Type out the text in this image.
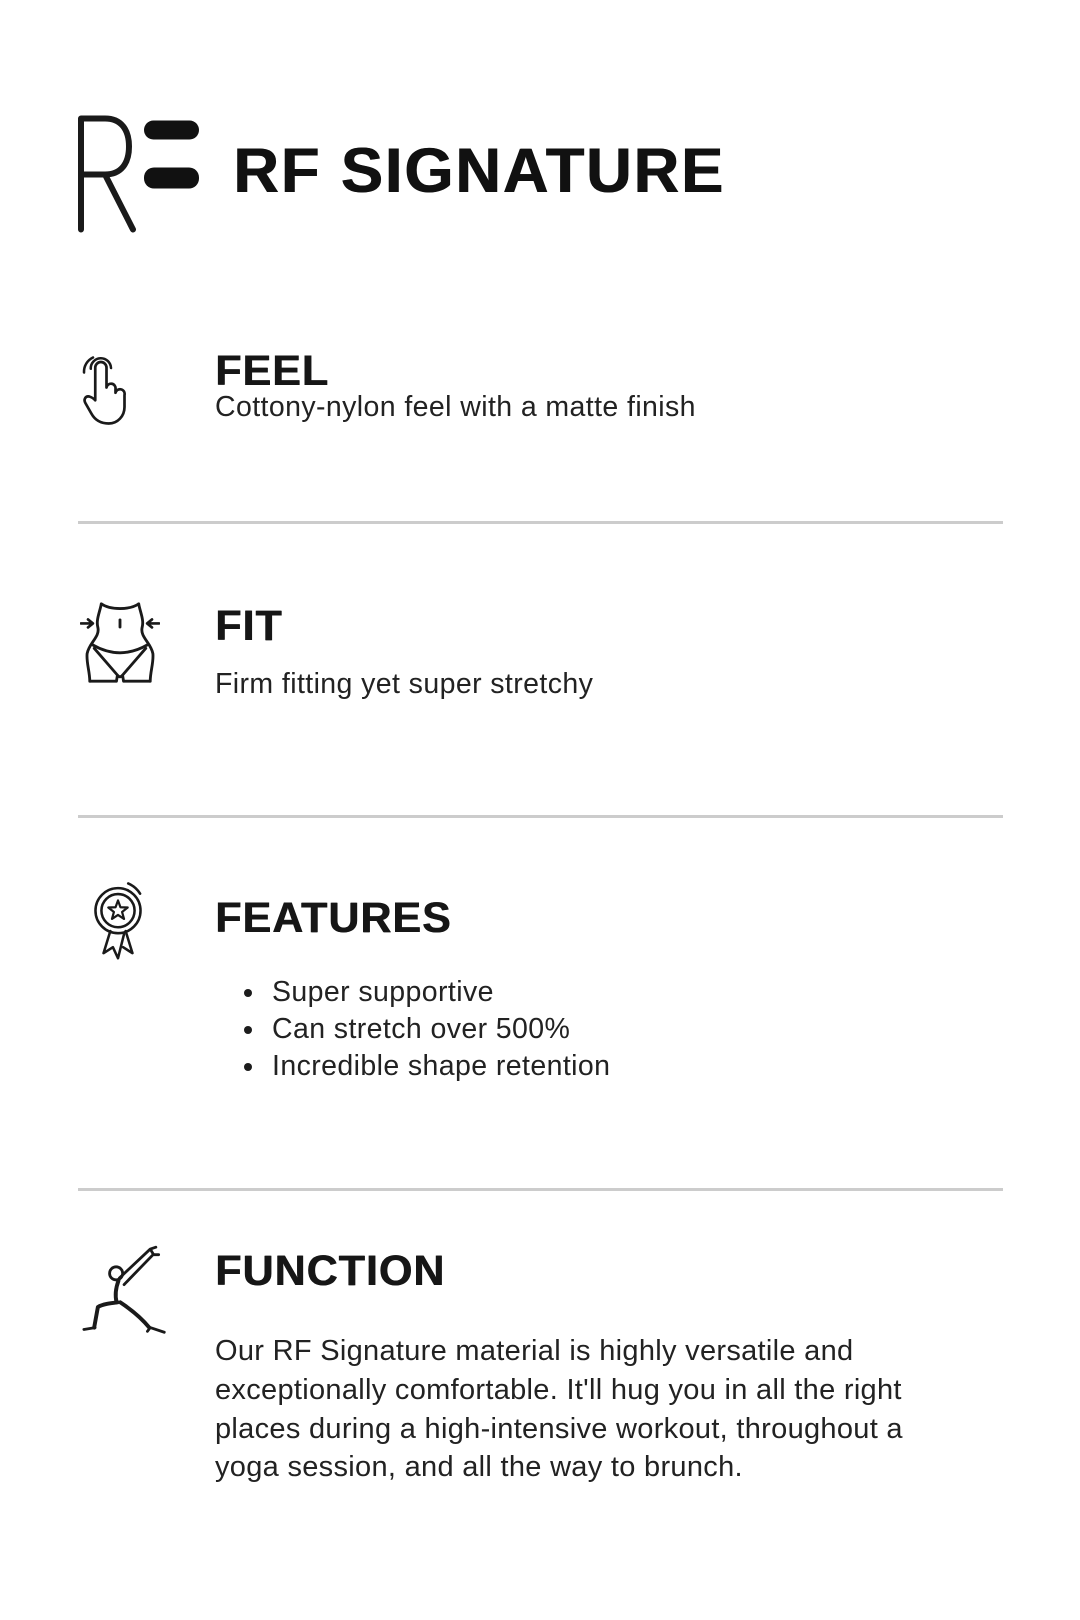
RF SIGNATURE
FEEL
Cottony-nylon feel with a matte finish
FIT
Firm fitting yet super stretchy
FEATURES
Super supportive
Can stretch over 500%
Incredible shape retention
FUNCTION
Our RF Signature material is highly versatile and
exceptionally comfortable. It'll hug you in all the right
places during a high-intensive workout, throughout a
yoga session, and all the way to brunch.
